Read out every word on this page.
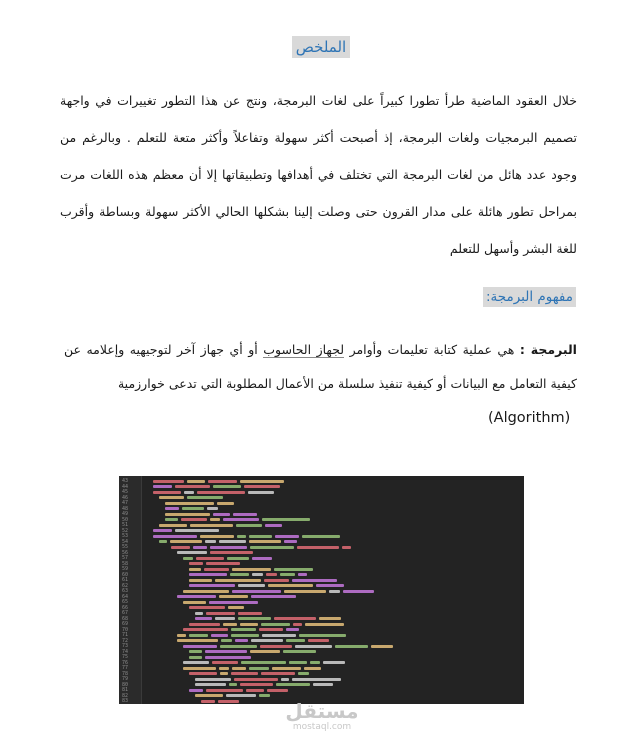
الملخص
خلال العقود الماضية طرأ تطورا كبيراً على لغات البرمجة، ونتج عن هذا التطور تغييرات في واجهة تصميم البرمجيات ولغات البرمجة، إذ أصبحت أكثر سهولة وتفاعلاً وأكثر متعة للتعلم . وبالرغم من وجود عدد هائل من لغات البرمجة التي تختلف في أهدافها وتطبيقاتها إلا أن معظم هذه اللغات مرت بمراحل تطور هائلة على مدار القرون حتى وصلت إلينا بشكلها الحالي الأكثر سهولة وبساطة وأقرب للغة البشر وأسهل للتعلم
مفهوم البرمجة:
البرمجة : هي عملية كتابة تعليمات وأوامر لجهاز الحاسوب أو أي جهاز آخر لتوجيهيه وإعلامه عن كيفية التعامل مع البيانات أو كيفية تنفيذ سلسلة من الأعمال المطلوبة التي تدعى خوارزمية
(Algorithm)
43
44
45
46
47
48
49
50
51
52
53
54
55
56
57
58
59
60
61
62
63
64
65
66
67
68
69
70
71
72
73
74
75
76
77
78
79
80
81
82
83	مستقل
mostaql.com
